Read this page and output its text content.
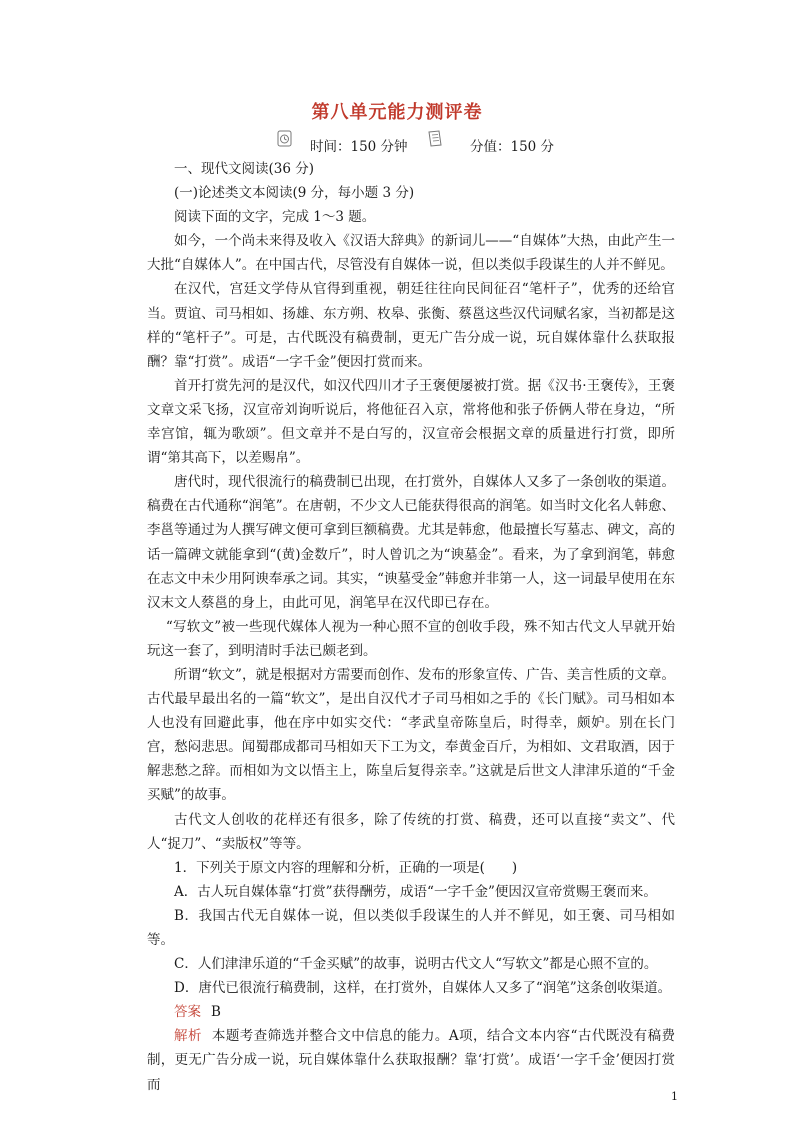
第八单元能力测评卷
时间：150 分钟	分值：150 分

一、现代文阅读(36 分)

(一)论述类文本阅读(9 分，每小题 3 分)

阅读下面的文字，完成 1～3 题。

如今，一个尚未来得及收入《汉语大辞典》的新词儿——“自媒体”大热，由此产生一大批“自媒体人”。在中国古代，尽管没有自媒体一说，但以类似手段谋生的人并不鲜见。

在汉代，宫廷文学侍从官得到重视，朝廷往往向民间征召“笔杆子”，优秀的还给官当。贾谊、司马相如、扬雄、东方朔、枚皋、张衡、蔡邕这些汉代词赋名家，当初都是这样的“笔杆子”。可是，古代既没有稿费制，更无广告分成一说，玩自媒体靠什么获取报酬？靠“打赏”。成语“一字千金”便因打赏而来。

首开打赏先河的是汉代，如汉代四川才子王褒便屡被打赏。据《汉书·王褒传》，王褒文章文采飞扬，汉宣帝刘询听说后，将他征召入京，常将他和张子侨俩人带在身边，“所幸宫馆，辄为歌颂”。但文章并不是白写的，汉宣帝会根据文章的质量进行打赏，即所谓“第其高下，以差赐帛”。

唐代时，现代很流行的稿费制已出现，在打赏外，自媒体人又多了一条创收的渠道。稿费在古代通称“润笔”。在唐朝，不少文人已能获得很高的润笔。如当时文化名人韩愈、李邕等通过为人撰写碑文便可拿到巨额稿费。尤其是韩愈，他最擅长写墓志、碑文，高的话一篇碑文就能拿到“(黄)金数斤”，时人曾讥之为“谀墓金”。看来，为了拿到润笔，韩愈在志文中未少用阿谀奉承之词。其实，“谀墓受金”韩愈并非第一人，这一词最早使用在东汉末文人蔡邕的身上，由此可见，润笔早在汉代即已存在。

“写软文”被一些现代媒体人视为一种心照不宣的创收手段，殊不知古代文人早就开始玩这一套了，到明清时手法已颇老到。

所谓“软文”，就是根据对方需要而创作、发布的形象宣传、广告、美言性质的文章。古代最早最出名的一篇“软文”，是出自汉代才子司马相如之手的《长门赋》。司马相如本人也没有回避此事，他在序中如实交代：“孝武皇帝陈皇后，时得幸，颇妒。别在长门宫，愁闷悲思。闻蜀郡成都司马相如天下工为文，奉黄金百斤，为相如、文君取酒，因于解悲愁之辞。而相如为文以悟主上，陈皇后复得亲幸。”这就是后世文人津津乐道的“千金买赋”的故事。

古代文人创收的花样还有很多，除了传统的打赏、稿费，还可以直接“卖文”、代人“捉刀”、“卖版权”等等。

1．下列关于原文内容的理解和分析，正确的一项是(　　)

A．古人玩自媒体靠“打赏”获得酬劳，成语“一字千金”便因汉宣帝赏赐王褒而来。

B．我国古代无自媒体一说，但以类似手段谋生的人并不鲜见，如王褒、司马相如等。

C．人们津津乐道的“千金买赋”的故事，说明古代文人“写软文”都是心照不宣的。

D．唐代已很流行稿费制，这样，在打赏外，自媒体人又多了“润笔”这条创收渠道。

答案 B

解析 本题考查筛选并整合文中信息的能力。A项，结合文本内容“古代既没有稿费制，更无广告分成一说，玩自媒体靠什么获取报酬？靠‘打赏’。成语‘一字千金’便因打赏而

1
